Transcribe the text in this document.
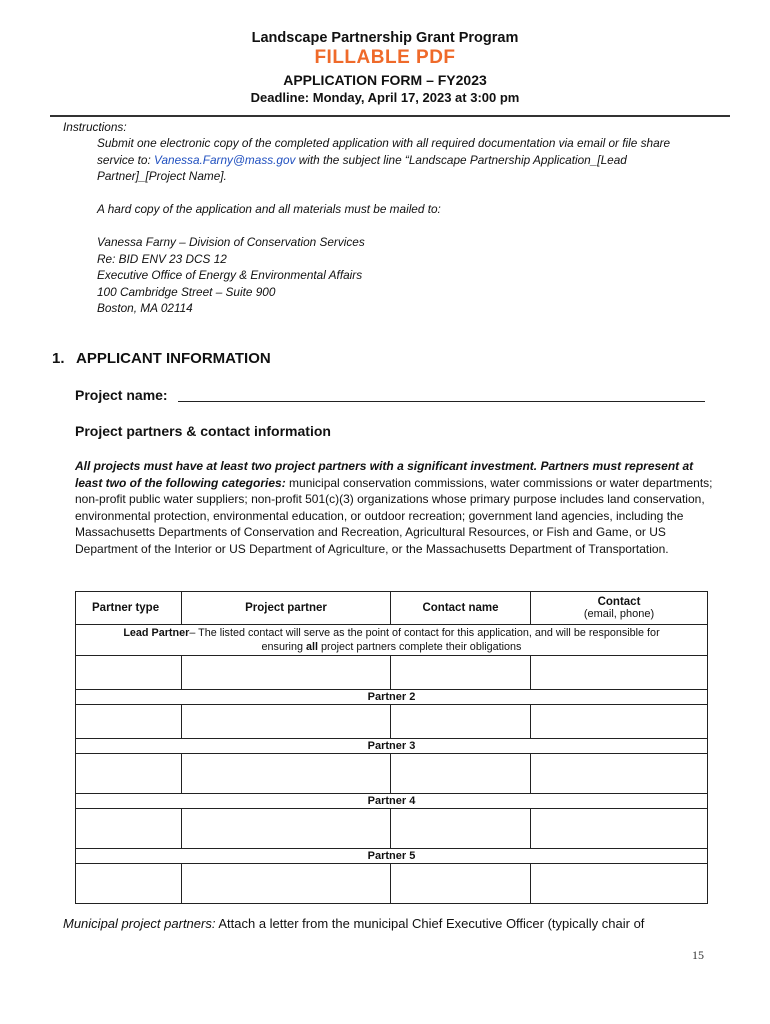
Landscape Partnership Grant Program
FILLABLE PDF
APPLICATION FORM – FY2023
Deadline: Monday, April 17, 2023 at 3:00 pm
Instructions:
Submit one electronic copy of the completed application with all required documentation via email or file share service to: Vanessa.Farny@mass.gov with the subject line “Landscape Partnership Application_[Lead Partner]_[Project Name].
A hard copy of the application and all materials must be mailed to:
Vanessa Farny – Division of Conservation Services
Re: BID ENV 23 DCS 12
Executive Office of Energy & Environmental Affairs
100 Cambridge Street – Suite 900
Boston, MA 02114
1. APPLICANT INFORMATION
Project name:
Project partners & contact information
All projects must have at least two project partners with a significant investment. Partners must represent at least two of the following categories: municipal conservation commissions, water commissions or water departments; non-profit public water suppliers; non-profit 501(c)(3) organizations whose primary purpose includes land conservation, environmental protection, environmental education, or outdoor recreation; government land agencies, including the Massachusetts Departments of Conservation and Recreation, Agricultural Resources, or Fish and Game, or US Department of the Interior or US Department of Agriculture, or the Massachusetts Department of Transportation.
Partner type	Project partner	Contact name	Contact
(email, phone)

Lead Partner– The listed contact will serve as the point of contact for this application, and will be responsible for
ensuring all project partners complete their obligations			

Partner 2			

Partner 3			

Partner 4			

Partner 5			

Municipal project partners: Attach a letter from the municipal Chief Executive Officer (typically chair of
15
